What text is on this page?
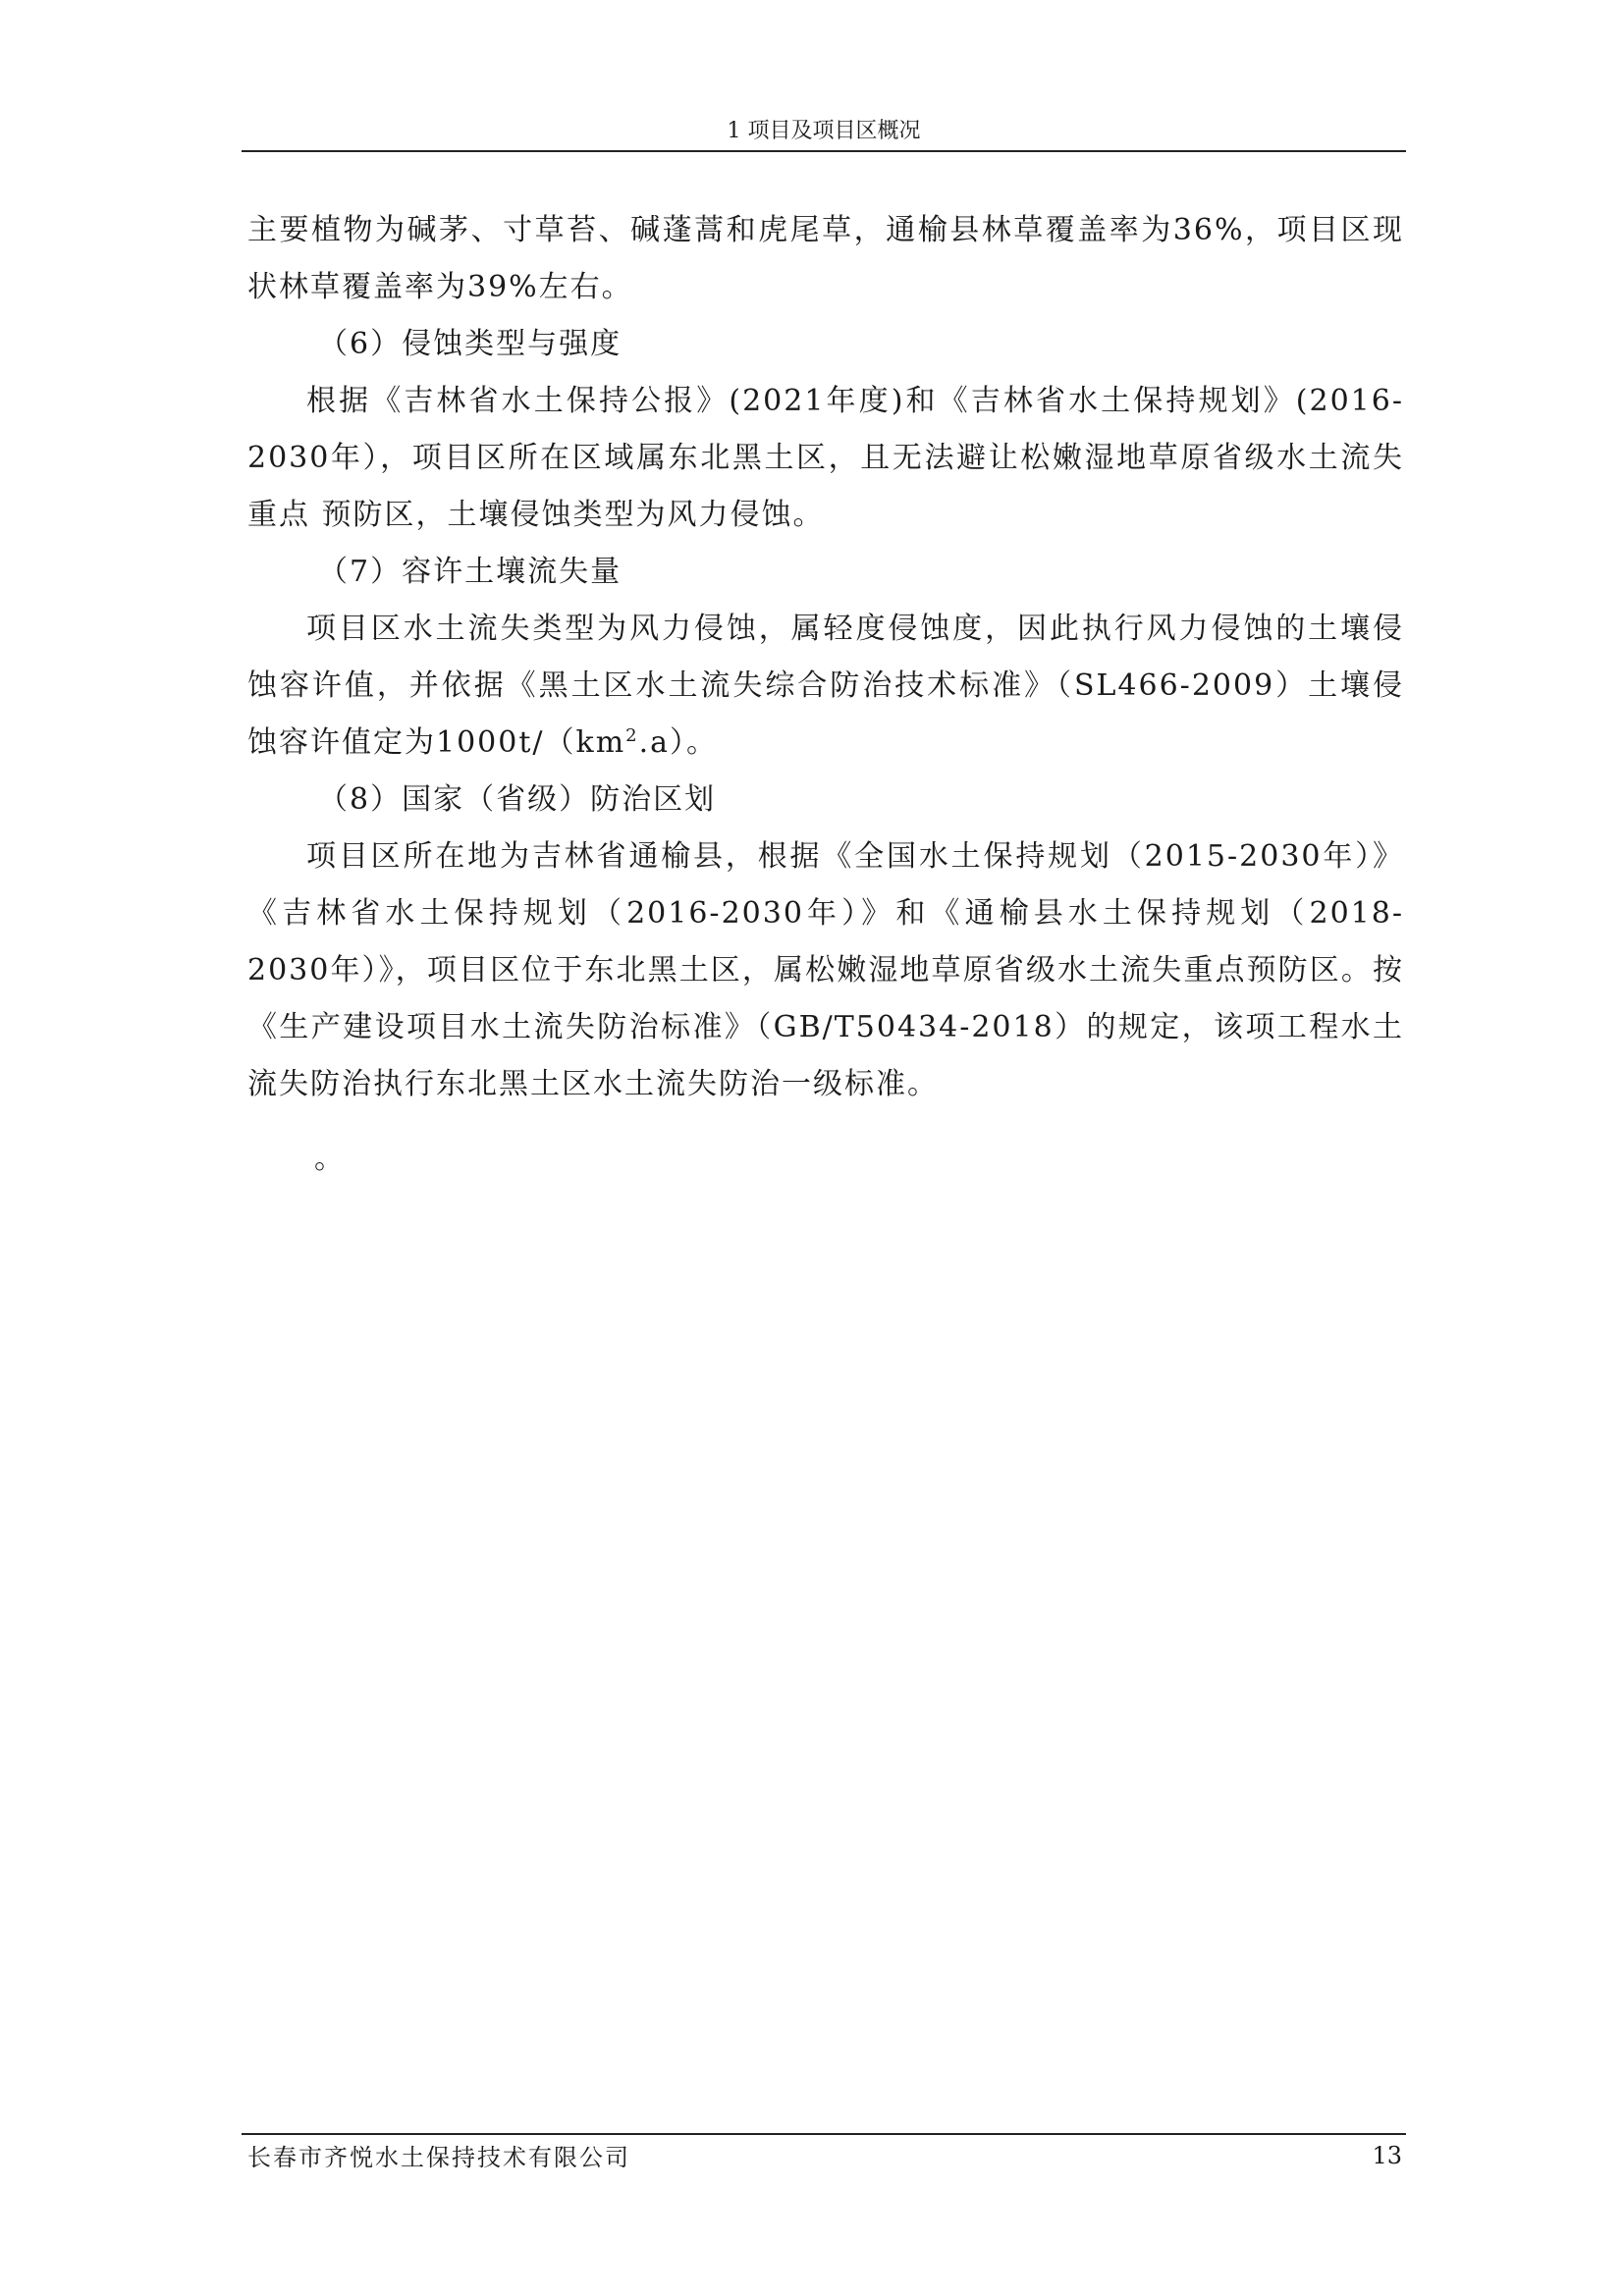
1 项目及项目区概况

主要植物为碱茅、寸草苔、碱蓬蒿和虎尾草，通榆县林草覆盖率为36%，项目区现状林草覆盖率为39%左右。

（6）侵蚀类型与强度

根据《吉林省水土保持公报》(2021年度)和《吉林省水土保持规划》(2016-2030年），项目区所在区域属东北黑土区，且无法避让松嫩湿地草原省级水土流失重点 预防区，土壤侵蚀类型为风力侵蚀。

（7）容许土壤流失量

项目区水土流失类型为风力侵蚀，属轻度侵蚀度，因此执行风力侵蚀的土壤侵蚀容许值，并依据《黑土区水土流失综合防治技术标准》（SL466-2009）土壤侵蚀容许值定为$1000t/(km^2.a)$。

（8）国家（省级）防治区划

项目区所在地为吉林省通榆县，根据《全国水土保持规划（2015-2030年）》《吉林省水土保持规划（2016-2030年）》和《通榆县水土保持规划（2018-2030年）》，项目区位于东北黑土区，属松嫩湿地草原省级水土流失重点预防区。按《生产建设项目水土流失防治标准》（GB/T50434-2018）的规定，该项工程水土流失防治执行东北黑土区水土流失防治一级标准。

。

长春市齐悦水土保持技术有限公司	13
